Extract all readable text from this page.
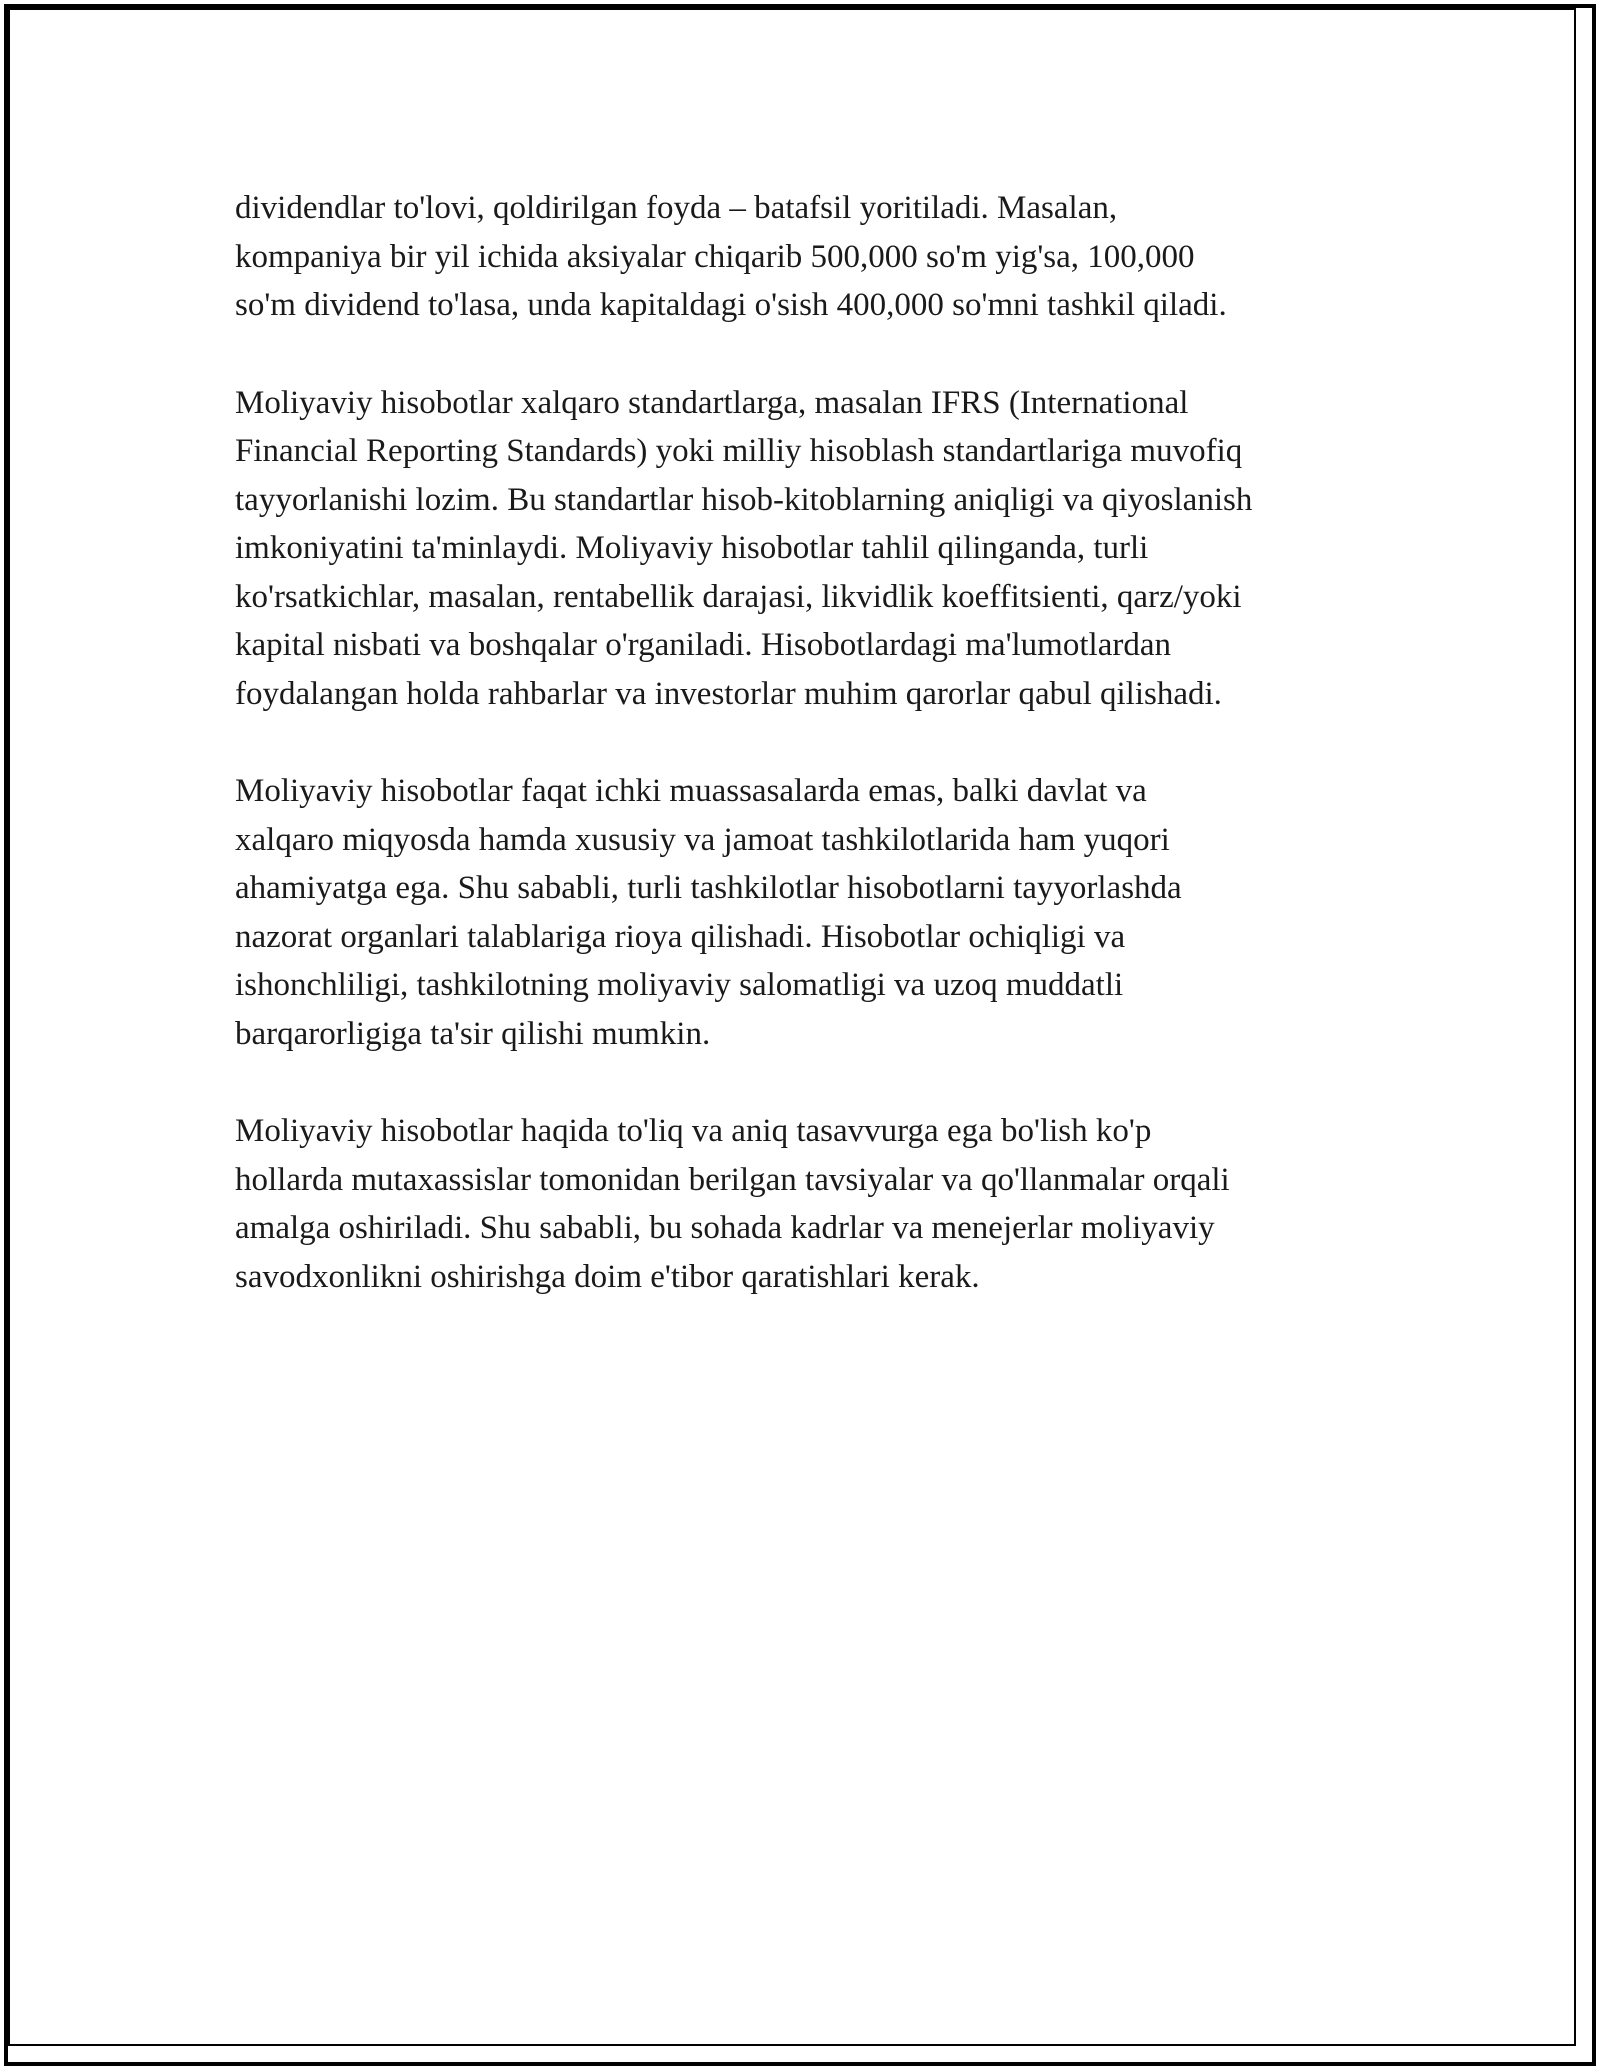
dividendlar to'lovi, qoldirilgan foyda – batafsil yoritiladi. Masalan,
kompaniya bir yil ichida aksiyalar chiqarib 500,000 so'm yig'sa, 100,000
so'm dividend to'lasa, unda kapitaldagi o'sish 400,000 so'mni tashkil qiladi.

Moliyaviy hisobotlar xalqaro standartlarga, masalan IFRS (International
Financial Reporting Standards) yoki milliy hisoblash standartlariga muvofiq
tayyorlanishi lozim. Bu standartlar hisob-kitoblarning aniqligi va qiyoslanish
imkoniyatini ta'minlaydi. Moliyaviy hisobotlar tahlil qilinganda, turli
ko'rsatkichlar, masalan, rentabellik darajasi, likvidlik koeffitsienti, qarz/yoki
kapital nisbati va boshqalar o'rganiladi. Hisobotlardagi ma'lumotlardan
foydalangan holda rahbarlar va investorlar muhim qarorlar qabul qilishadi.

Moliyaviy hisobotlar faqat ichki muassasalarda emas, balki davlat va
xalqaro miqyosda hamda xususiy va jamoat tashkilotlarida ham yuqori
ahamiyatga ega. Shu sababli, turli tashkilotlar hisobotlarni tayyorlashda
nazorat organlari talablariga rioya qilishadi. Hisobotlar ochiqligi va
ishonchliligi, tashkilotning moliyaviy salomatligi va uzoq muddatli
barqarorligiga ta'sir qilishi mumkin.

Moliyaviy hisobotlar haqida to'liq va aniq tasavvurga ega bo'lish ko'p
hollarda mutaxassislar tomonidan berilgan tavsiyalar va qo'llanmalar orqali
amalga oshiriladi. Shu sababli, bu sohada kadrlar va menejerlar moliyaviy
savodxonlikni oshirishga doim e'tibor qaratishlari kerak.
